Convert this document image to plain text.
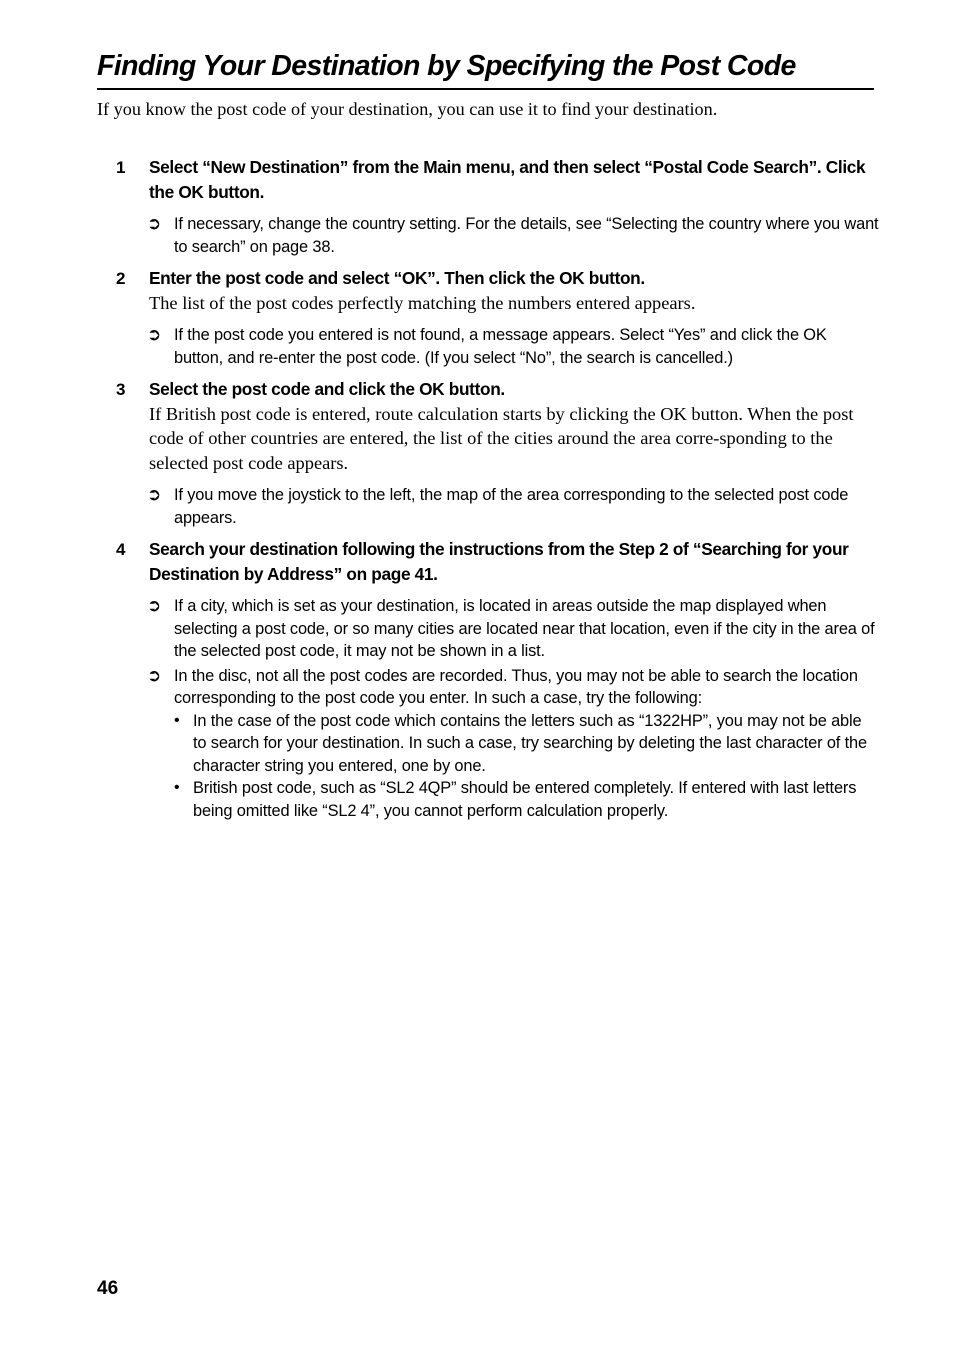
Finding Your Destination by Specifying the Post Code
If you know the post code of your destination, you can use it to find your destination.
1 Select “New Destination” from the Main menu, and then select “Postal Code Search”. Click the OK button.
➲ If necessary, change the country setting. For the details, see “Selecting the country where you want to search” on page 38.
2 Enter the post code and select “OK”. Then click the OK button.
The list of the post codes perfectly matching the numbers entered appears.
➲ If the post code you entered is not found, a message appears. Select “Yes” and click the OK button, and re-enter the post code. (If you select “No”, the search is cancelled.)
3 Select the post code and click the OK button.
If British post code is entered, route calculation starts by clicking the OK button. When the post code of other countries are entered, the list of the cities around the area corre-sponding to the selected post code appears.
➲ If you move the joystick to the left, the map of the area corresponding to the selected post code appears.
4 Search your destination following the instructions from the Step 2 of “Searching for your Destination by Address” on page 41.
➲ If a city, which is set as your destination, is located in areas outside the map displayed when selecting a post code, or so many cities are located near that location, even if the city in the area of the selected post code, it may not be shown in a list.
➲ In the disc, not all the post codes are recorded. Thus, you may not be able to search the location corresponding to the post code you enter. In such a case, try the following:
• In the case of the post code which contains the letters such as “1322HP”, you may not be able to search for your destination. In such a case, try searching by deleting the last character of the character string you entered, one by one.
• British post code, such as “SL2 4QP” should be entered completely. If entered with last letters being omitted like “SL2 4”, you cannot perform calculation properly.
46
